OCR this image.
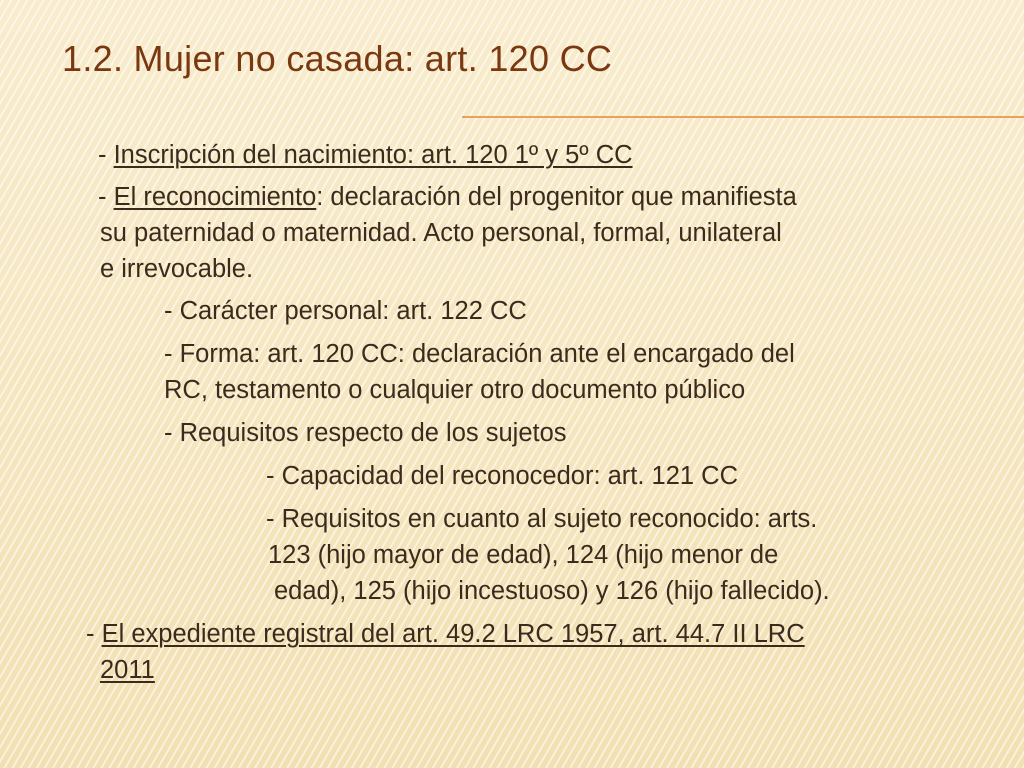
1.2. Mujer no casada: art. 120 CC
- Inscripción del nacimiento: art. 120 1º y 5º CC
- El reconocimiento: declaración del progenitor que manifiesta
su paternidad o maternidad. Acto personal, formal, unilateral
e irrevocable.
- Carácter personal: art. 122 CC
- Forma: art. 120 CC: declaración ante el encargado del
RC, testamento o cualquier otro documento público
- Requisitos respecto de los sujetos
- Capacidad del reconocedor: art. 121 CC
- Requisitos en cuanto al sujeto reconocido: arts.
123 (hijo mayor de edad), 124 (hijo menor de
edad), 125 (hijo incestuoso) y 126 (hijo fallecido).
- El expediente registral del art. 49.2 LRC 1957, art. 44.7 II LRC
2011
